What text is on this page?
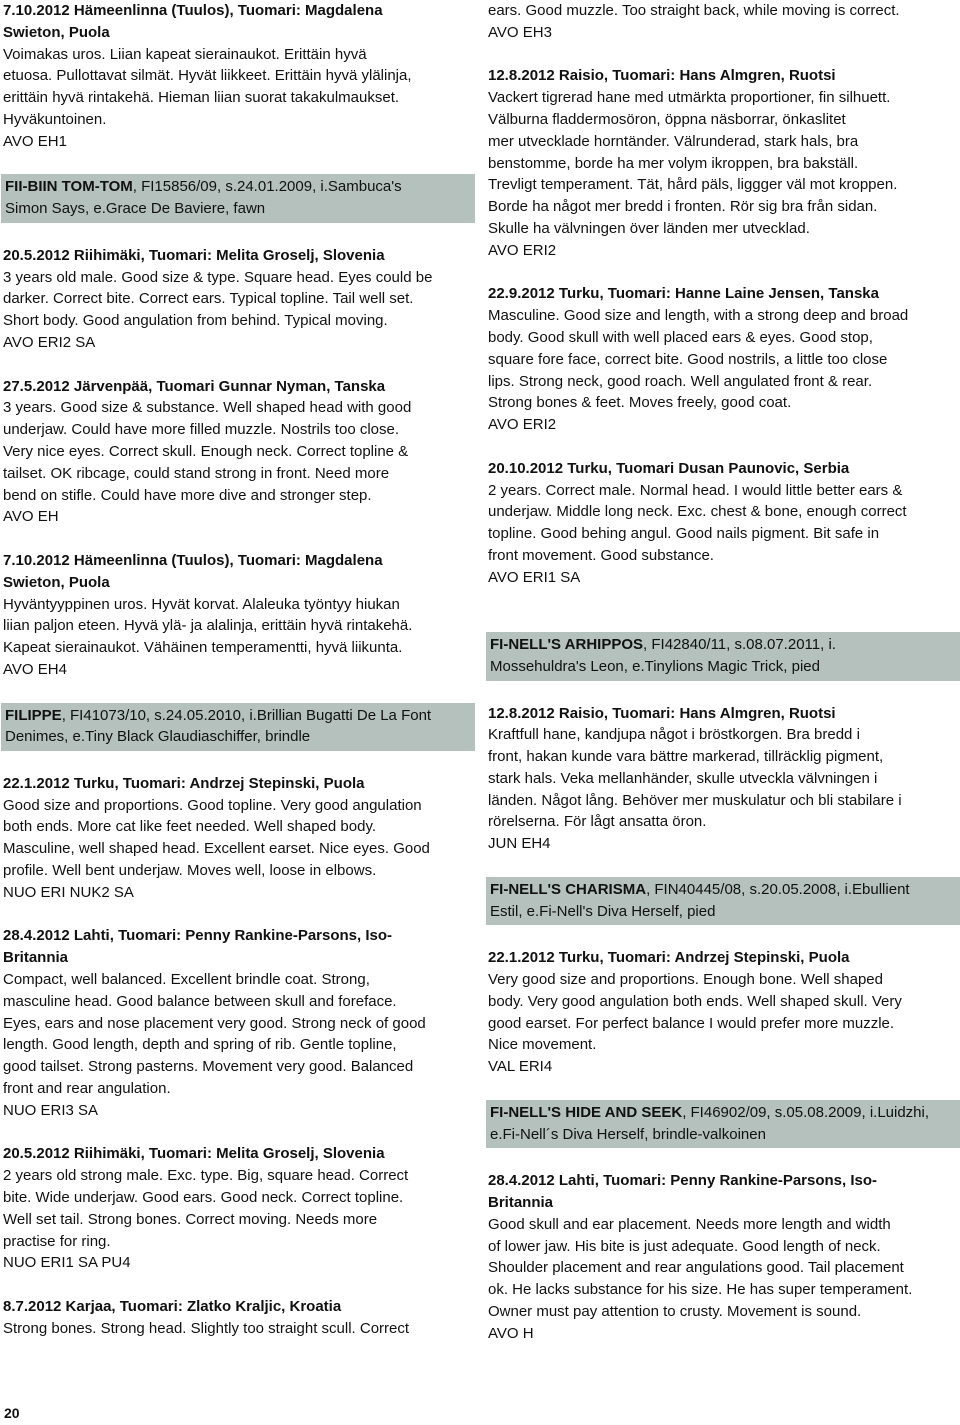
7.10.2012 Hämeenlinna (Tuulos), Tuomari: Magdalena
Swieton, Puola
Voimakas uros. Liian kapeat sierainaukot. Erittäin hyvä
etuosa. Pullottavat silmät. Hyvät liikkeet. Erittäin hyvä ylälinja,
erittäin hyvä rintakehä. Hieman liian suorat takakulmaukset.
Hyväkuntoinen.
AVO EH1
FII-BIIN TOM-TOM, FI15856/09, s.24.01.2009, i.Sambuca's
Simon Says, e.Grace De Baviere, fawn
20.5.2012 Riihimäki, Tuomari: Melita Groselj, Slovenia
3 years old male. Good size & type. Square head. Eyes could be
darker. Correct bite. Correct ears. Typical topline. Tail well set.
Short body. Good angulation from behind. Typical moving.
AVO ERI2 SA
27.5.2012 Järvenpää, Tuomari Gunnar Nyman, Tanska
3 years. Good size & substance. Well shaped head with good
underjaw. Could have more filled muzzle. Nostrils too close.
Very nice eyes. Correct skull. Enough neck. Correct topline &
tailset. OK ribcage, could stand strong in front. Need more
bend on stifle. Could have more dive and stronger step.
AVO EH
7.10.2012 Hämeenlinna (Tuulos), Tuomari: Magdalena
Swieton, Puola
Hyväntyyppinen uros. Hyvät korvat. Alaleuka työntyy hiukan
liian paljon eteen. Hyvä ylä- ja alalinja, erittäin hyvä rintakehä.
Kapeat sierainaukot. Vähäinen temperamentti, hyvä liikunta.
AVO EH4
FILIPPE, FI41073/10, s.24.05.2010, i.Brillian Bugatti De La Font
Denimes, e.Tiny Black Glaudiaschiffer, brindle
22.1.2012 Turku, Tuomari: Andrzej Stepinski, Puola
Good size and proportions. Good topline. Very good angulation
both ends. More cat like feet needed. Well shaped body.
Masculine, well shaped head. Excellent earset. Nice eyes. Good
profile. Well bent underjaw. Moves well, loose in elbows.
NUO ERI NUK2 SA
28.4.2012 Lahti, Tuomari: Penny Rankine-Parsons, Iso-
Britannia
Compact, well balanced. Excellent brindle coat. Strong,
masculine head. Good balance between skull and foreface.
Eyes, ears and nose placement very good. Strong neck of good
length. Good length, depth and spring of rib. Gentle topline,
good tailset. Strong pasterns. Movement very good. Balanced
front and rear angulation.
NUO ERI3 SA
20.5.2012 Riihimäki, Tuomari: Melita Groselj, Slovenia
2 years old strong male. Exc. type. Big, square head. Correct
bite. Wide underjaw. Good ears. Good neck. Correct topline.
Well set tail. Strong bones. Correct moving. Needs more
practise for ring.
NUO ERI1 SA PU4
8.7.2012 Karjaa, Tuomari: Zlatko Kraljic, Kroatia
Strong bones. Strong head. Slightly too straight scull. Correct
ears. Good muzzle. Too straight back, while moving is correct.
AVO EH3
12.8.2012 Raisio, Tuomari: Hans Almgren, Ruotsi
Vackert tigrerad hane med utmärkta proportioner, fin silhuett.
Välburna fladdermosöron, öppna näsborrar, önkaslitet
mer utvecklade horntänder. Välrunderad, stark hals, bra
benstomme, borde ha mer volym ikroppen, bra bakställ.
Trevligt temperament. Tät, hård päls, liggger väl mot kroppen.
Borde ha något mer bredd i fronten. Rör sig bra från sidan.
Skulle ha välvningen över länden mer utvecklad.
AVO ERI2
22.9.2012 Turku, Tuomari: Hanne Laine Jensen, Tanska
Masculine. Good size and length, with a strong deep and broad
body. Good skull with well placed ears & eyes. Good stop,
square fore face, correct bite. Good nostrils, a little too close
lips. Strong neck, good roach. Well angulated front & rear.
Strong bones & feet. Moves freely, good coat.
AVO ERI2
20.10.2012 Turku, Tuomari Dusan Paunovic, Serbia
2 years. Correct male. Normal head. I would little better ears &
underjaw. Middle long neck. Exc. chest & bone, enough correct
topline. Good behing angul. Good nails pigment. Bit safe in
front movement. Good substance.
AVO ERI1 SA
FI-NELL'S ARHIPPOS, FI42840/11, s.08.07.2011, i.
Mossehuldra's Leon, e.Tinylions Magic Trick, pied
12.8.2012 Raisio, Tuomari: Hans Almgren, Ruotsi
Kraftfull hane, kandjupa något i bröstkorgen. Bra bredd i
front, hakan kunde vara bättre markerad, tillräcklig pigment,
stark hals. Veka mellanhänder, skulle utveckla välvningen i
länden. Något lång. Behöver mer muskulatur och bli stabilare i
rörelserna. För lågt ansatta öron.
JUN EH4
FI-NELL'S CHARISMA, FIN40445/08, s.20.05.2008, i.Ebullient
Estil, e.Fi-Nell's Diva Herself, pied
22.1.2012 Turku, Tuomari: Andrzej Stepinski, Puola
Very good size and proportions. Enough bone. Well shaped
body. Very good angulation both ends. Well shaped skull. Very
good earset. For perfect balance I would prefer more muzzle.
Nice movement.
VAL ERI4
FI-NELL'S HIDE AND SEEK, FI46902/09, s.05.08.2009, i.Luidzhi,
e.Fi-Nell´s Diva Herself, brindle-valkoinen
28.4.2012 Lahti, Tuomari: Penny Rankine-Parsons, Iso-
Britannia
Good skull and ear placement. Needs more length and width
of lower jaw. His bite is just adequate. Good length of neck.
Shoulder placement and rear angulations good. Tail placement
ok. He lacks substance for his size. He has super temperament.
Owner must pay attention to crusty. Movement is sound.
AVO H
20
